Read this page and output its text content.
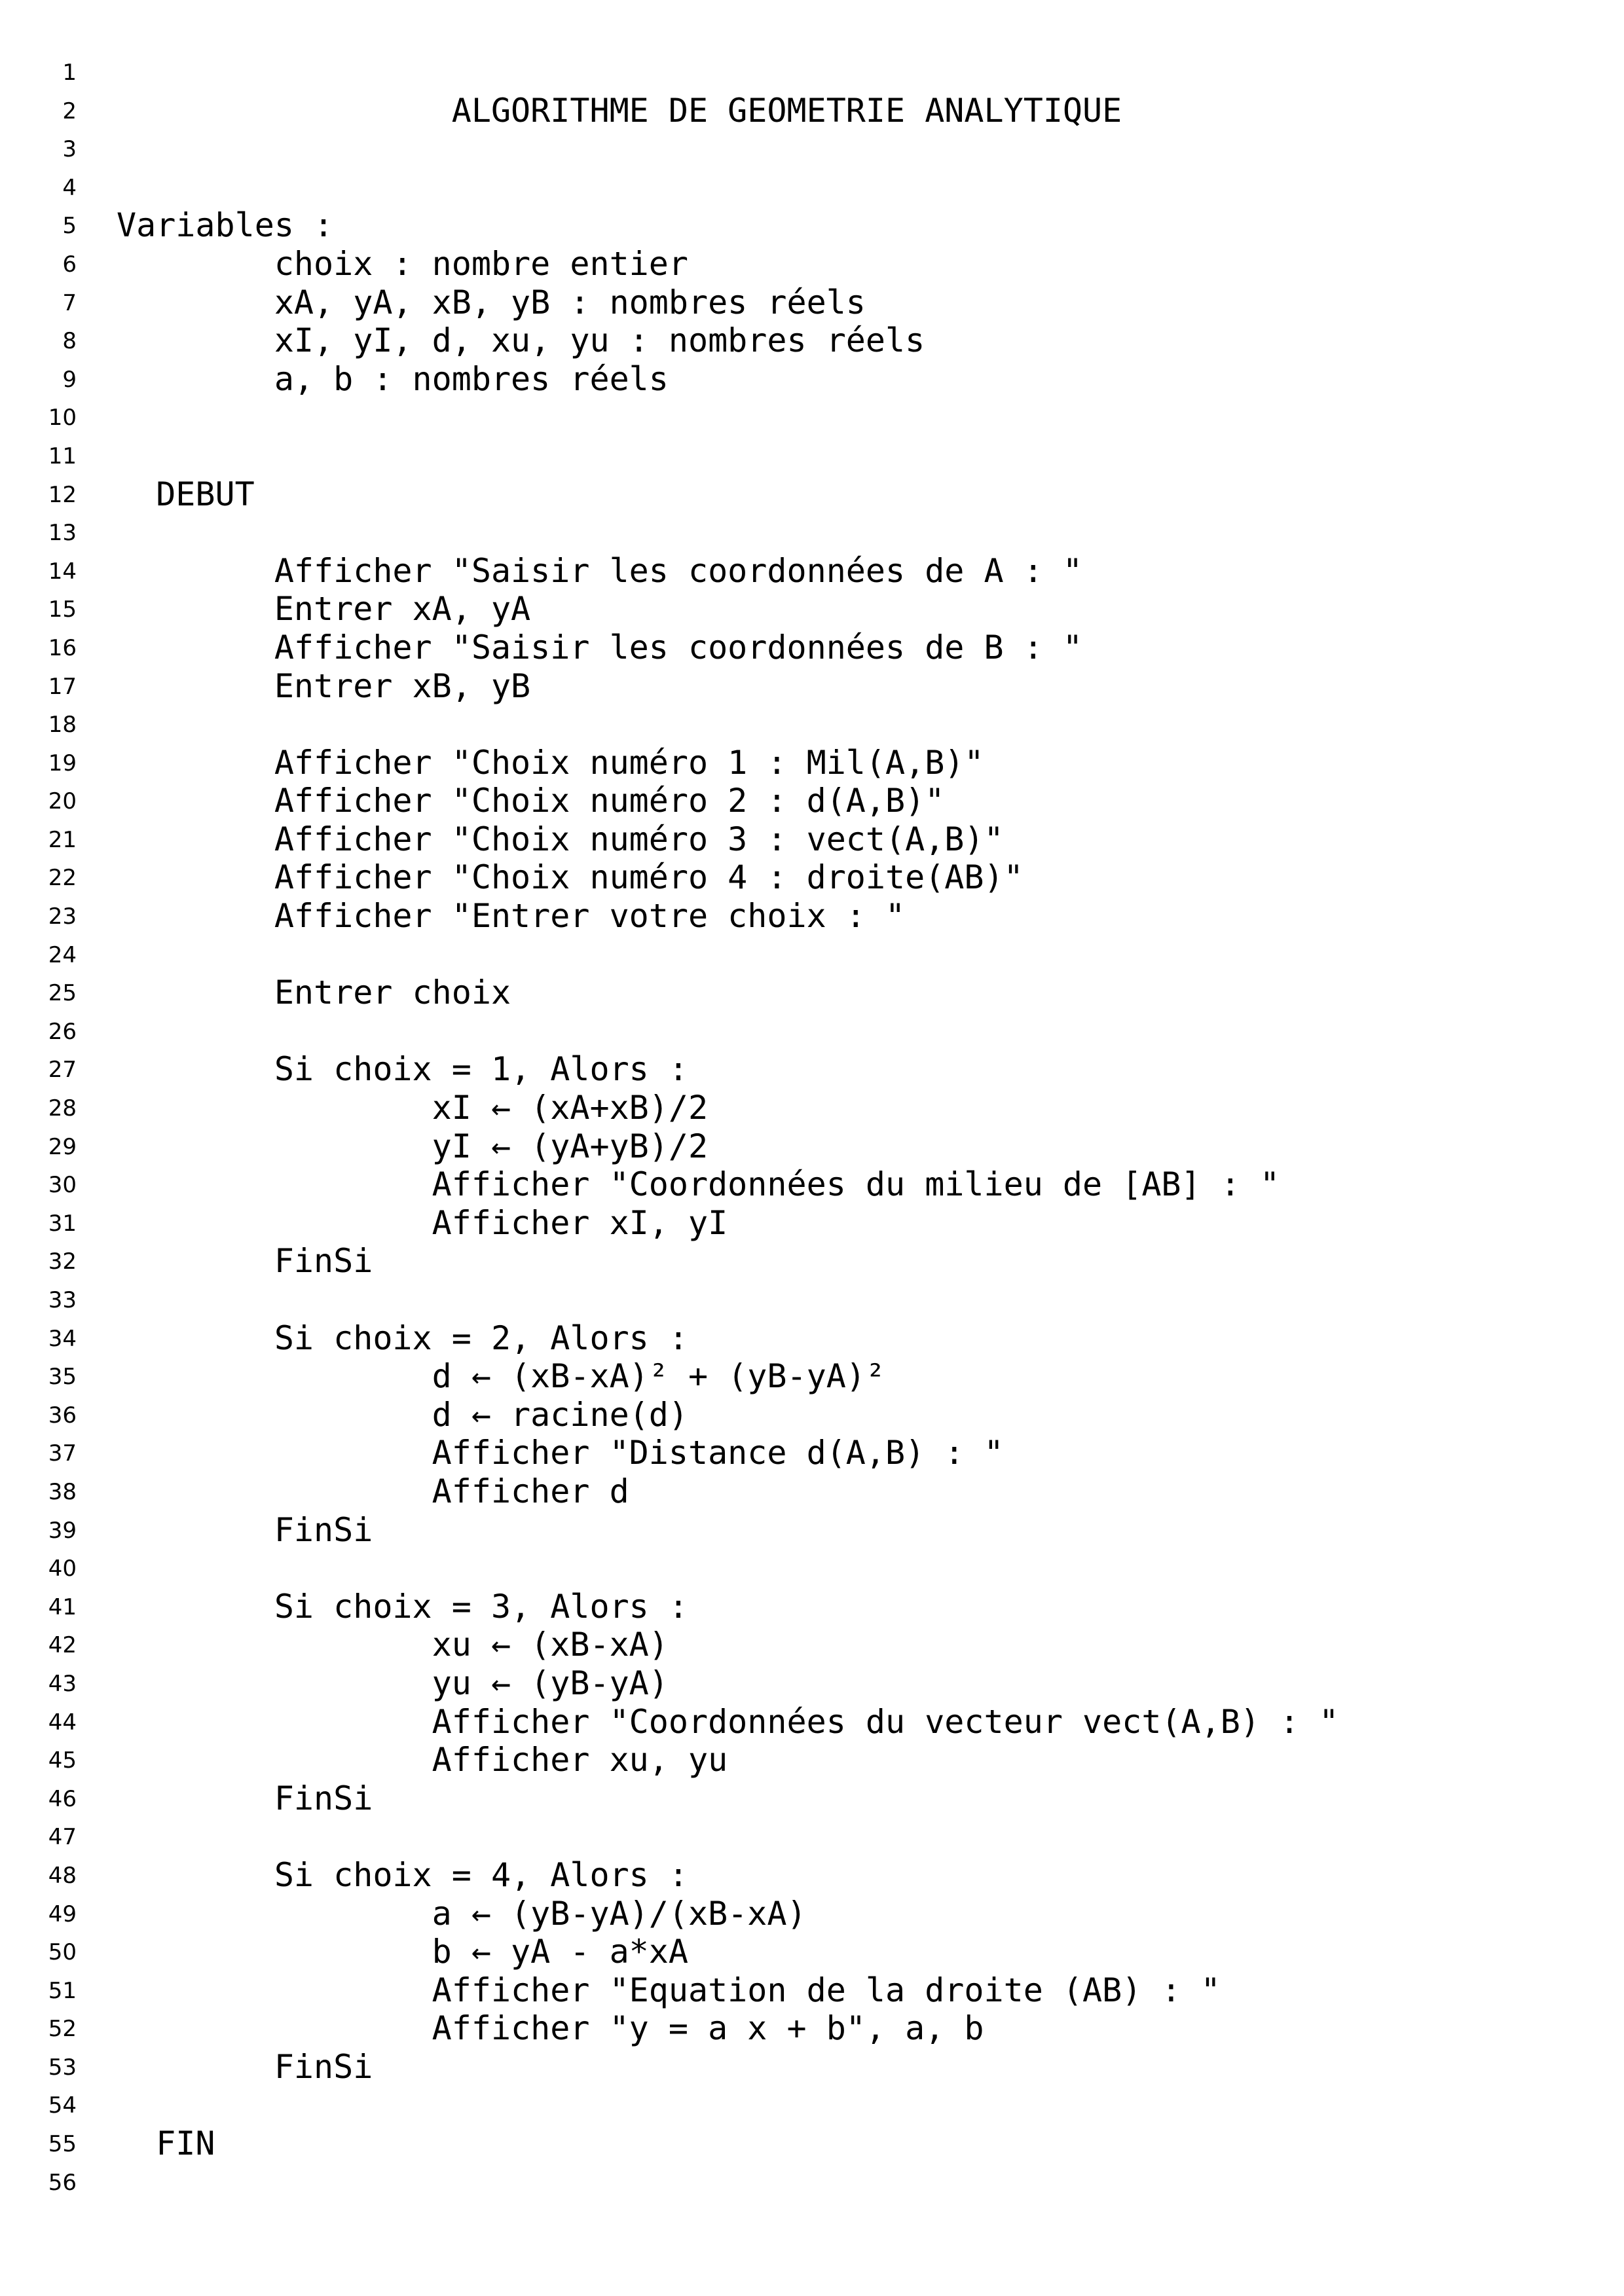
1
2 ALGORITHME DE GEOMETRIE ANALYTIQUE
3
4
5 Variables :
6 choix : nombre entier
7 xA, yA, xB, yB : nombres réels
8 xI, yI, d, xu, yu : nombres réels
9 a, b : nombres réels
10
11
12 DEBUT
13
14 Afficher "Saisir les coordonnées de A : "
15 Entrer xA, yA
16 Afficher "Saisir les coordonnées de B : "
17 Entrer xB, yB
18
19 Afficher "Choix numéro 1 : Mil(A,B)"
20 Afficher "Choix numéro 2 : d(A,B)"
21 Afficher "Choix numéro 3 : vect(A,B)"
22 Afficher "Choix numéro 4 : droite(AB)"
23 Afficher "Entrer votre choix : "
24
25 Entrer choix
26
27 Si choix = 1, Alors :
28 xI ← (xA+xB)/2
29 yI ← (yA+yB)/2
30 Afficher "Coordonnées du milieu de [AB] : "
31 Afficher xI, yI
32 FinSi
33
34 Si choix = 2, Alors :
35 d ← (xB-xA)² + (yB-yA)²
36 d ← racine(d)
37 Afficher "Distance d(A,B) : "
38 Afficher d
39 FinSi
40
41 Si choix = 3, Alors :
42 xu ← (xB-xA)
43 yu ← (yB-yA)
44 Afficher "Coordonnées du vecteur vect(A,B) : "
45 Afficher xu, yu
46 FinSi
47
48 Si choix = 4, Alors :
49 a ← (yB-yA)/(xB-xA)
50 b ← yA - a*xA
51 Afficher "Equation de la droite (AB) : "
52 Afficher "y = a x + b", a, b
53 FinSi
54
55 FIN
56
